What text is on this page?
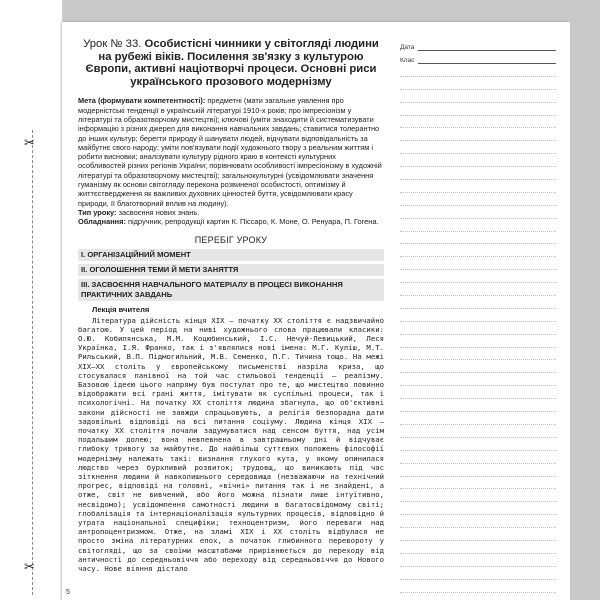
✂
✂
Урок № 33. Особистісні чинники у світогляді людини на рубежі віків. Посилення зв'язку з культурою Європи, активні націотворчі процеси. Основні риси українського прозового модернізму
Мета (формувати компетентності): предметні (мати загальне уявлення про модерністські тенденції в українській літературі 1910-х років; про імпресіонізм у літературі та образотворчому мистецтві); ключові (уміти знаходити й систематизувати інформацію з різних джерел для виконання навчальних завдань; ставитися толерантно до інших культур; берегти природу й шанувати людей, відчувати відповідальність за майбутнє свого народу; уміти пов'язувати події художнього твору з реальним життям і робити висновки; аналізувати культуру рідного краю в контексті культурних особливостей різних регіонів України; порівнювати особливості імпресіонізму в художній літературі та образотворчому мистецтві); загальнокультурні (усвідомлювати значення гуманізму як основи світогляду перекона розвиненої особистості, оптимізму й життєствердження як важливих духовних цінностей буття, усвідомлювати красу природи, її благотворний вплив на людину).
Тип уроку: засвоєння нових знань.
Обладнання: підручник, репродукції картин К. Піссаро, К. Моне, О. Ренуара, П. Гогена.
ПЕРЕБІГ УРОКУ
I. ОРГАНІЗАЦІЙНИЙ МОМЕНТ
II. ОГОЛОШЕННЯ ТЕМИ Й МЕТИ ЗАНЯТТЯ
III. ЗАСВОЄННЯ НАВЧАЛЬНОГО МАТЕРІАЛУ В ПРОЦЕСІ ВИКОНАННЯ ПРАКТИЧНИХ ЗАВДАНЬ
Лекція вчителя

Література дійсність кінця XIX — початку XX століття є надзвичайно багатою. У цей період на ниві художнього слова працювали класики: О.Ю. Кобилянська, М.М. Коцюбинський, І.С. Нечуй-Левицький, Леся Українка, І.Я. Франко, так і з'являлися нові імена: М.Г. Куліш, М.Т. Рильський, В.П. Підмогильний, М.В. Семенко, П.Г. Тичина тощо. На межі XIX–XX століть у європейському письменстві назріла криза, що стосувалася панівної на той час стильової тенденції — реалізму. Базовою ідеєю цього напряму був постулат про те, що мистецтво повинно відображати всі грані життя, імітувати як суспільні процеси, так і психологічні. На початку XX століття людина збагнула, що об'єктивні закони дійсності не завжди спрацьовують, а релігія безпорадна дати задовільні відповіді на всі питання соціуму. Людина кінця XIX — початку XX століття почали задумуватися над сенсом буття, над усім подальшим долею; вона невпевнена в завтрашньому дні й відчуває глибоку тривогу за майбутнє. До найбільш суттєвих положень філософії модернізму належать такі: визнання глухого кута, у якому опинилася людство через бурхливий розвиток; трудовщ, що виникають під час зіткнення людини й навколишнього середовища (незважаючи на технічний прогрес, відповіді на головні, «вічні» питання так і не знайдені, а отже, світ не вивчений, або його можна пізнати лише інтуїтивно, несвідомо); усвідомлення самотності людини в багатосвідомому світі; глобалізація та інтернаціоналізація культурних процесів, відповідно й утрата національної специфіки; техноцентризм, його переваги над антропоцентризмом. Отже, на зламі XIX і XX століть відбулася не просто зміна літературних епох, а початок глибинного перевороту у світогляді, що за своїми масштабами прирівнюється до переходу від античності до середньовіччя або переходу від середньовіччя до Нового часу. Нове віяння дістало

Дата
Клас
5
